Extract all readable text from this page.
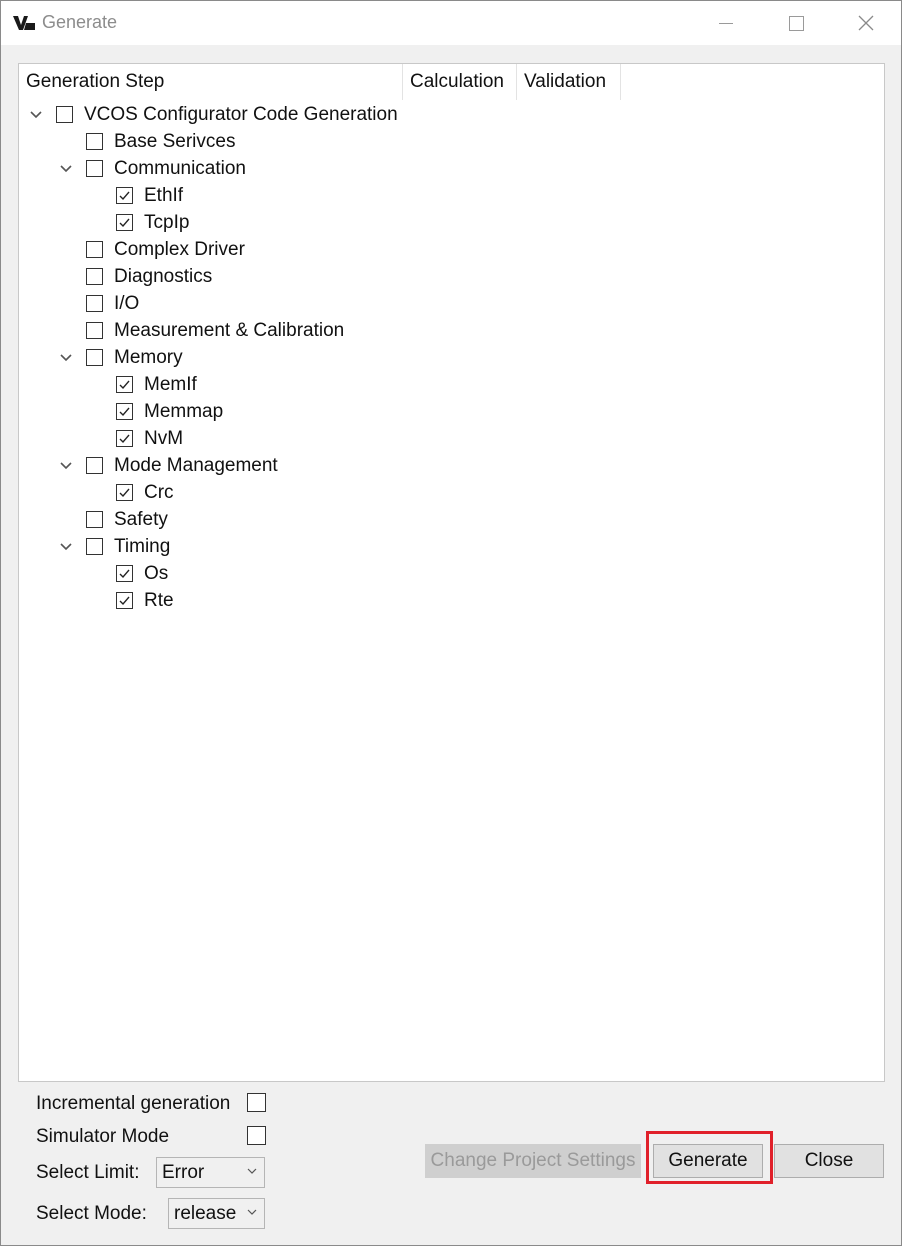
Generate
Generation Step	Calculation	Validation
VCOS Configurator Code Generation
Base Serivces
Communication
EthIf
TcpIp
Complex Driver
Diagnostics
I/O
Measurement & Calibration
Memory
MemIf
Memmap
NvM
Mode Management
Crc
Safety
Timing
Os
Rte
Incremental generation
Simulator Mode
Select Limit: Error
Select Mode: release
Change Project Settings	Generate	Close
